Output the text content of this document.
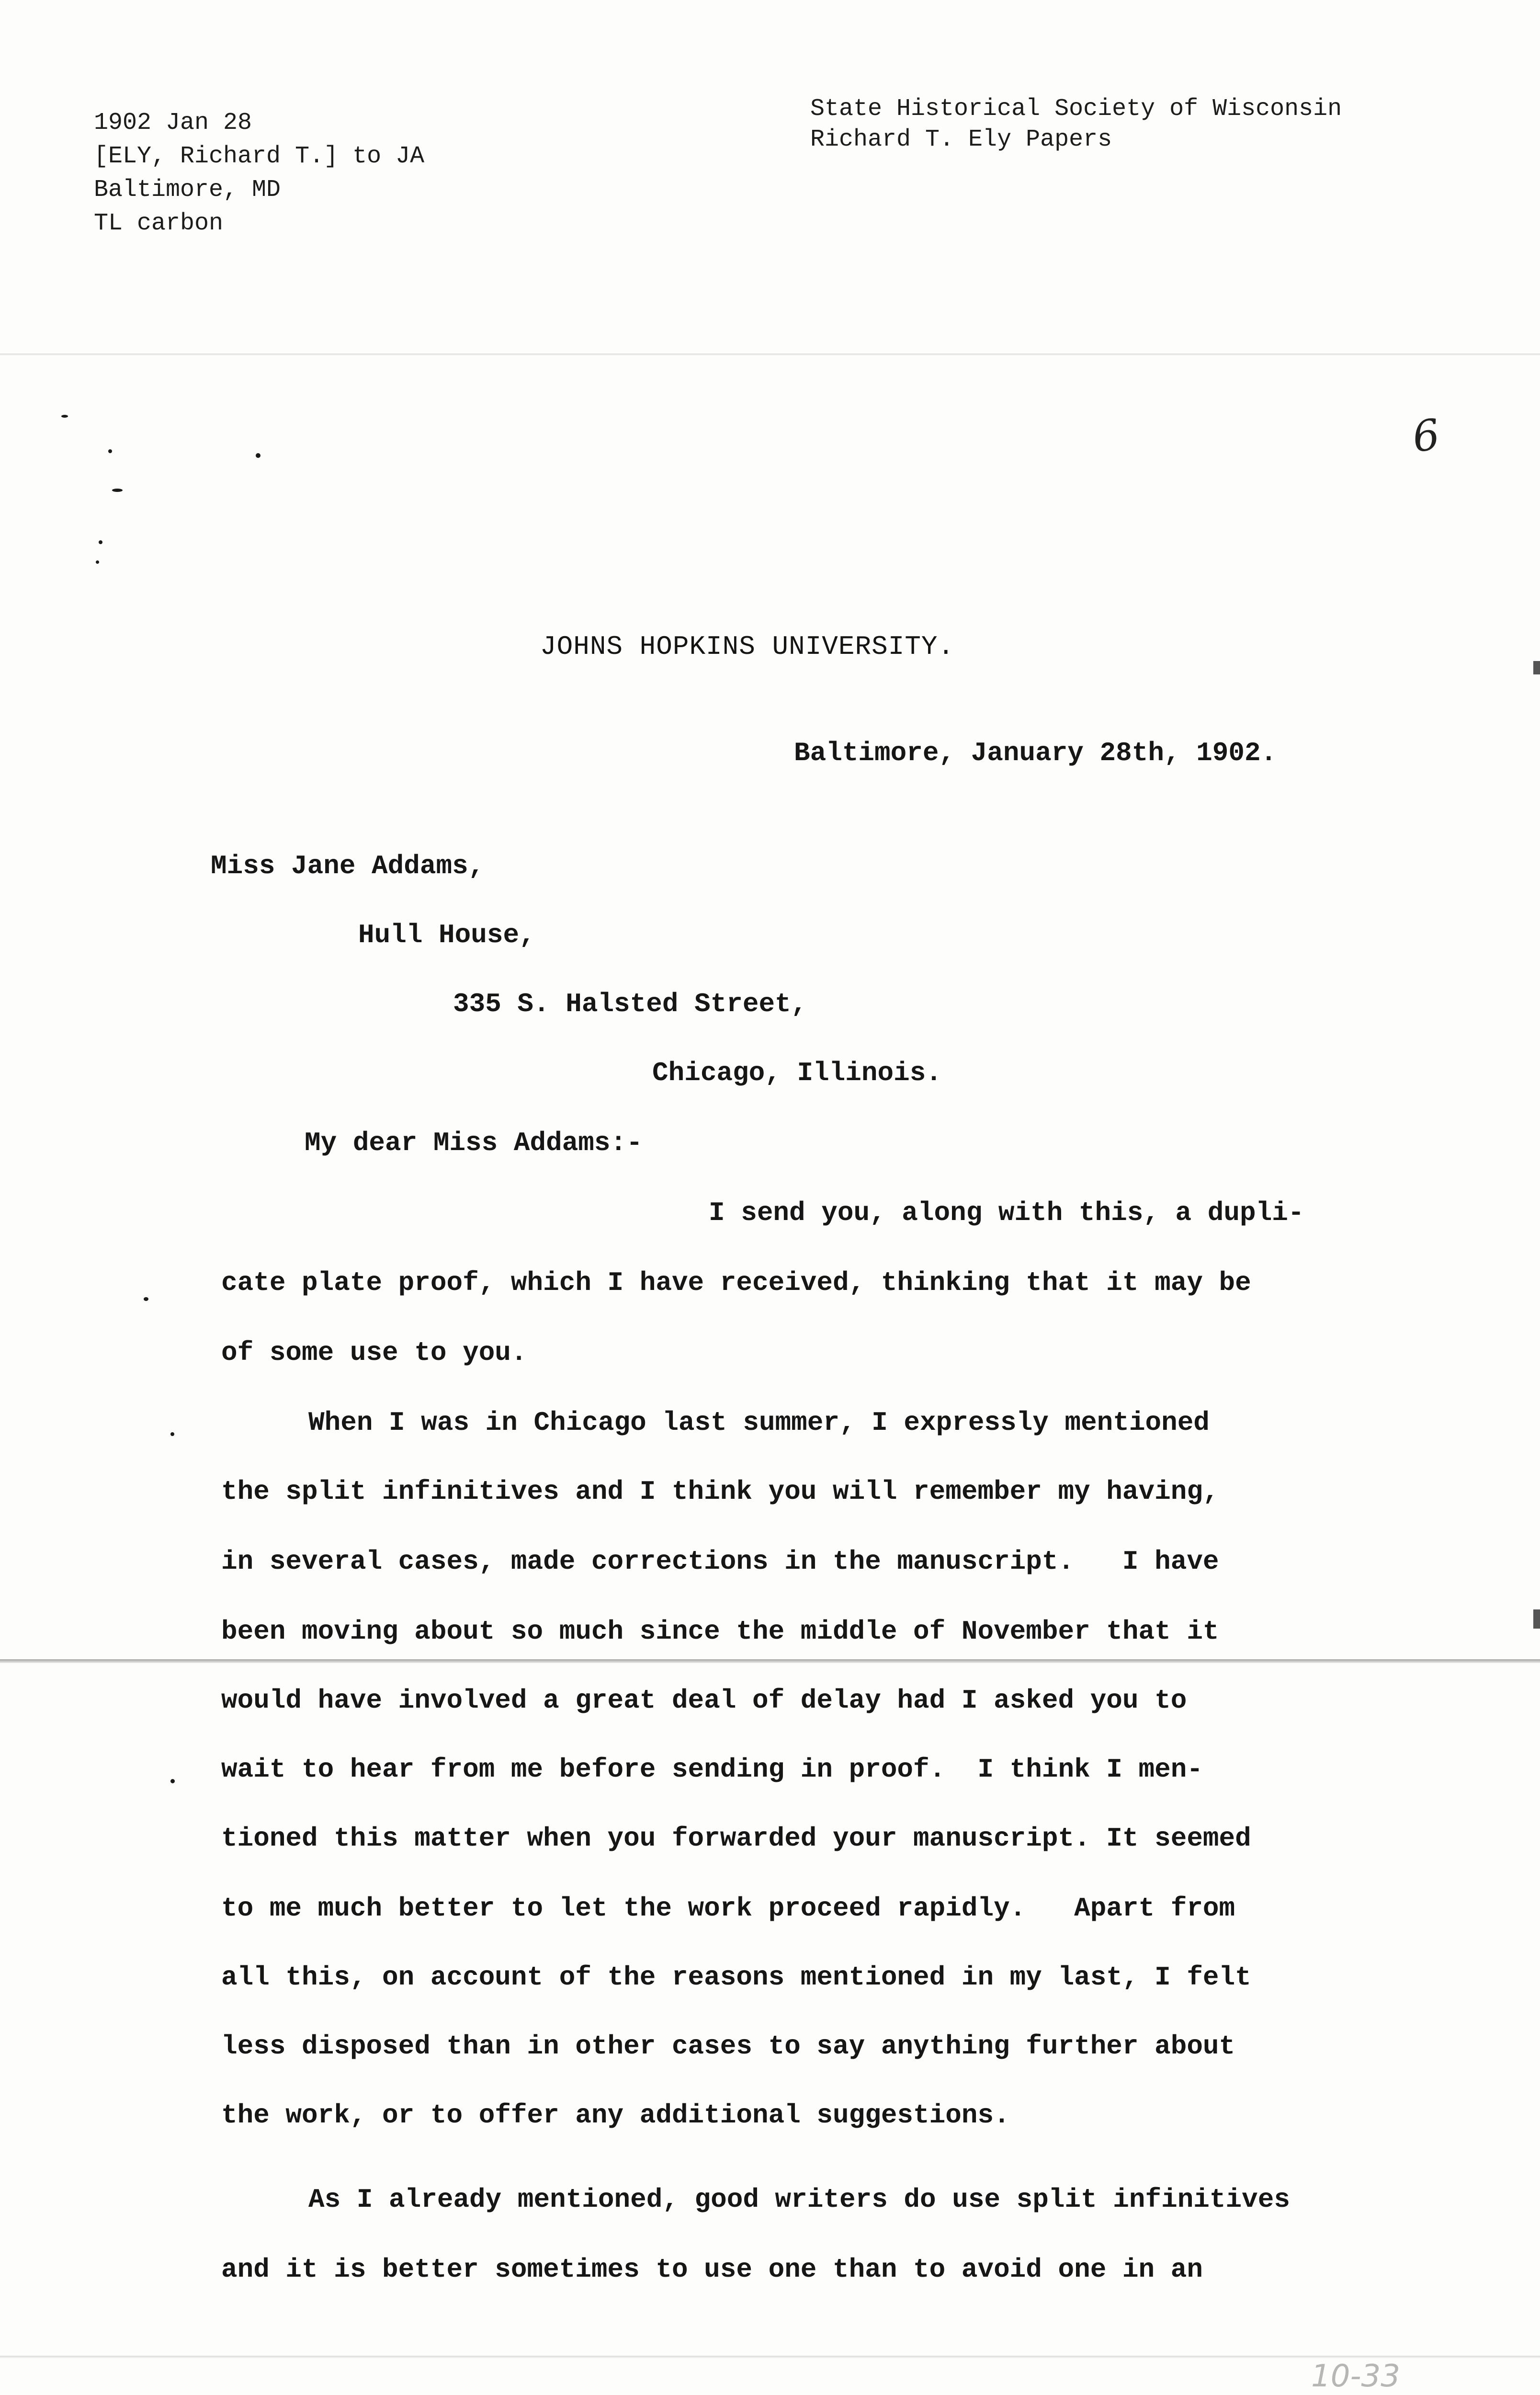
1902 Jan 28
[ELY, Richard T.] to JA
Baltimore, MD
TL carbon
State Historical Society of Wisconsin
Richard T. Ely Papers
6
JOHNS HOPKINS UNIVERSITY.
Baltimore, January 28th, 1902.
Miss Jane Addams,
Hull House,
335 S. Halsted Street,
Chicago, Illinois.
My dear Miss Addams:-
I send you, along with this, a dupli-
cate plate proof, which I have received, thinking that it may be
of some use to you.
When I was in Chicago last summer, I expressly mentioned
the split infinitives and I think you will remember my having,
in several cases, made corrections in the manuscript.   I have
been moving about so much since the middle of November that it
would have involved a great deal of delay had I asked you to
wait to hear from me before sending in proof.  I think I men-
tioned this matter when you forwarded your manuscript. It seemed
to me much better to let the work proceed rapidly.   Apart from
all this, on account of the reasons mentioned in my last, I felt
less disposed than in other cases to say anything further about
the work, or to offer any additional suggestions.
As I already mentioned, good writers do use split infinitives
and it is better sometimes to use one than to avoid one in an
10-33
